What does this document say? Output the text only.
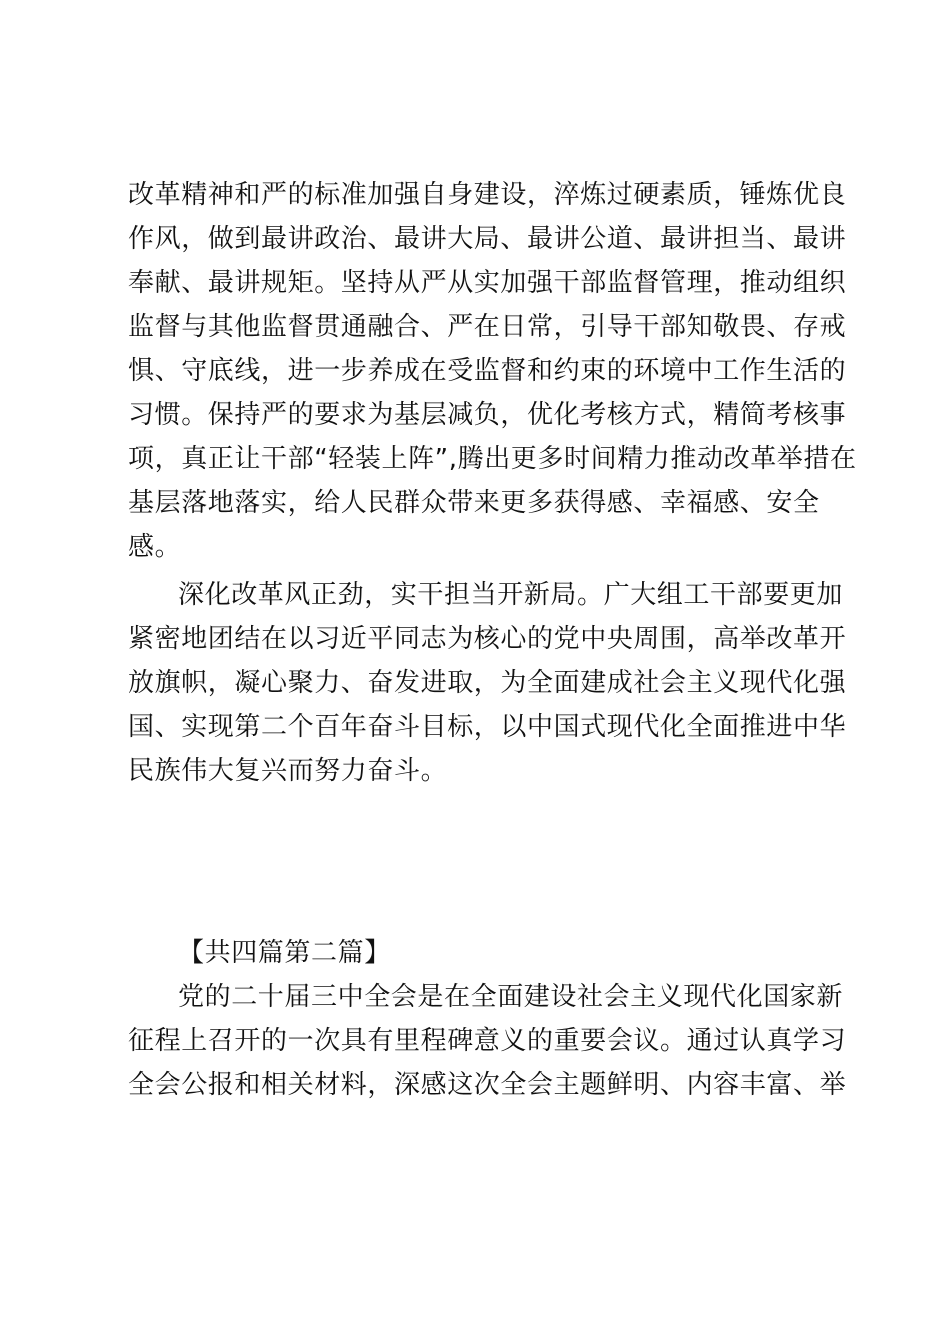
改革精神和严的标准加强自身建设，淬炼过硬素质，锤炼优良
作风，做到最讲政治、最讲大局、最讲公道、最讲担当、最讲
奉献、最讲规矩。坚持从严从实加强干部监督管理，推动组织
监督与其他监督贯通融合、严在日常，引导干部知敬畏、存戒
惧、守底线，进一步养成在受监督和约束的环境中工作生活的
习惯。保持严的要求为基层减负，优化考核方式，精简考核事
项，真正让干部“轻装上阵”,腾出更多时间精力推动改革举措在
基层落地落实，给人民群众带来更多获得感、幸福感、安全
感。
深化改革风正劲，实干担当开新局。广大组工干部要更加
紧密地团结在以习近平同志为核心的党中央周围，高举改革开
放旗帜，凝心聚力、奋发进取，为全面建成社会主义现代化强
国、实现第二个百年奋斗目标，以中国式现代化全面推进中华
民族伟大复兴而努力奋斗。
【共四篇第二篇】
党的二十届三中全会是在全面建设社会主义现代化国家新
征程上召开的一次具有里程碑意义的重要会议。通过认真学习
全会公报和相关材料，深感这次全会主题鲜明、内容丰富、举
